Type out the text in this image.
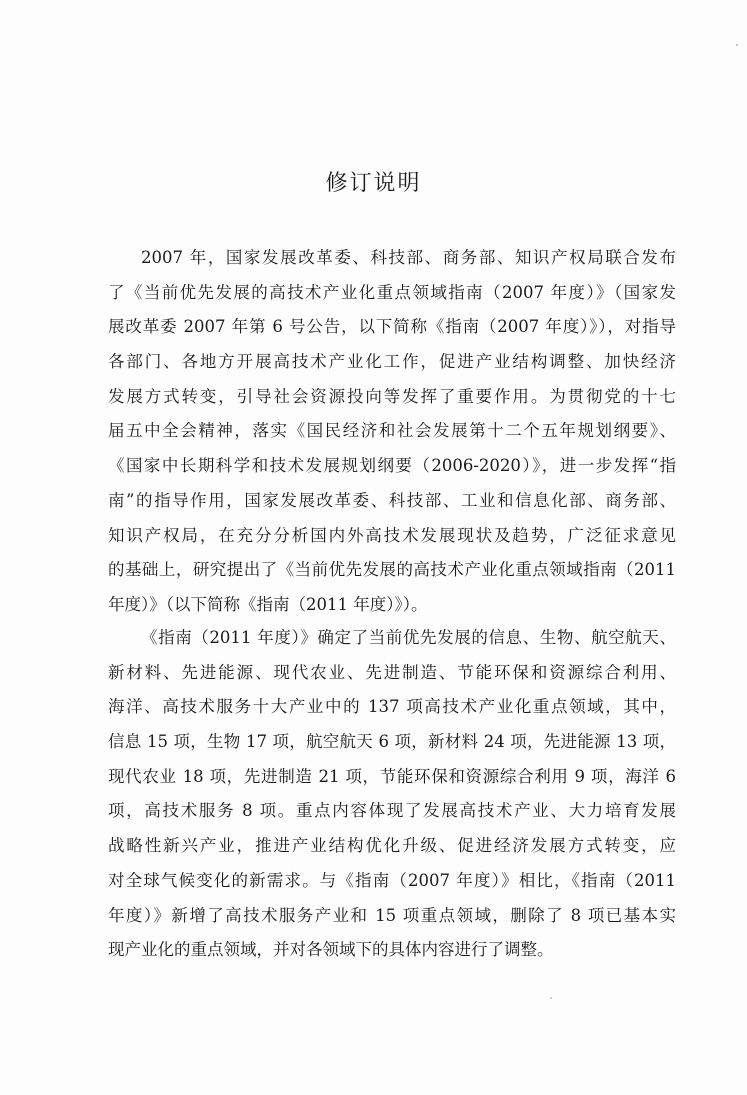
修订说明
2007 年，国家发展改革委、科技部、商务部、知识产权局联合发布
了《当前优先发展的高技术产业化重点领域指南（2007 年度）》（国家发
展改革委 2007 年第 6 号公告，以下简称《指南（2007 年度）》），对指导
各部门、各地方开展高技术产业化工作，促进产业结构调整、加快经济
发展方式转变，引导社会资源投向等发挥了重要作用。为贯彻党的十七
届五中全会精神，落实《国民经济和社会发展第十二个五年规划纲要》、
《国家中长期科学和技术发展规划纲要（2006-2020）》，进一步发挥“指
南”的指导作用，国家发展改革委、科技部、工业和信息化部、商务部、
知识产权局，在充分分析国内外高技术发展现状及趋势，广泛征求意见
的基础上，研究提出了《当前优先发展的高技术产业化重点领域指南（2011
年度）》（以下简称《指南（2011 年度）》）。
《指南（2011 年度）》确定了当前优先发展的信息、生物、航空航天、
新材料、先进能源、现代农业、先进制造、节能环保和资源综合利用、
海洋、高技术服务十大产业中的 137 项高技术产业化重点领域，其中，
信息 15 项，生物 17 项，航空航天 6 项，新材料 24 项，先进能源 13 项，
现代农业 18 项，先进制造 21 项，节能环保和资源综合利用 9 项，海洋 6
项，高技术服务 8 项。重点内容体现了发展高技术产业、大力培育发展
战略性新兴产业，推进产业结构优化升级、促进经济发展方式转变，应
对全球气候变化的新需求。与《指南（2007 年度）》相比，《指南（2011
年度）》新增了高技术服务产业和 15 项重点领域，删除了 8 项已基本实
现产业化的重点领域，并对各领域下的具体内容进行了调整。
